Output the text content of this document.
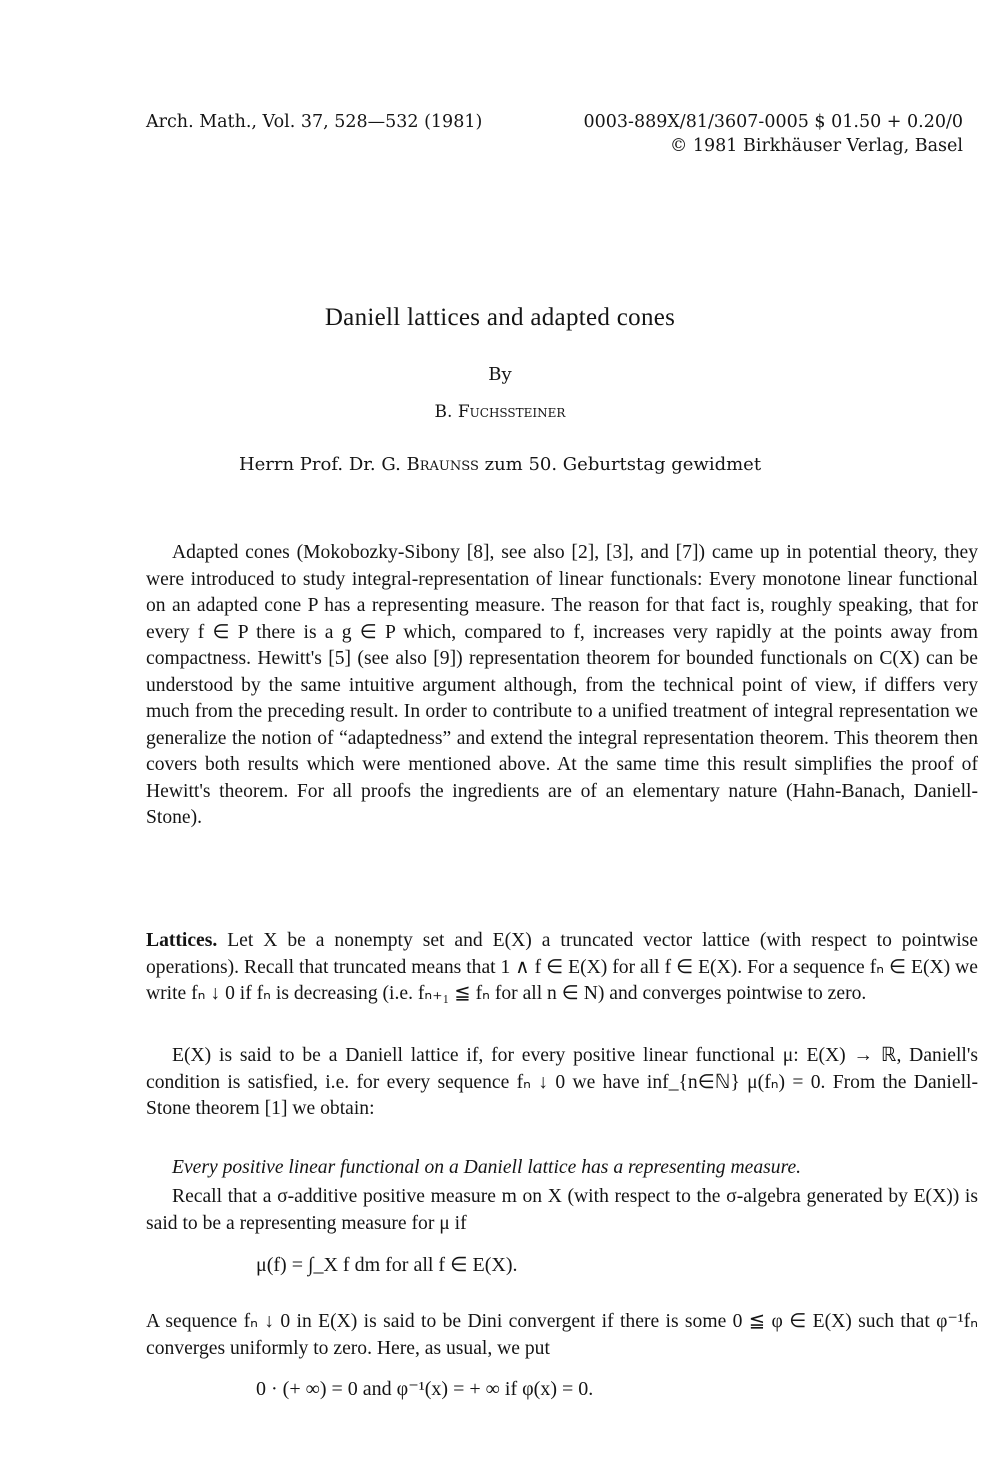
Arch. Math., Vol. 37, 528—532 (1981)	0003-889X/81/3607-0005 $ 01.50 + 0.20/0
© 1981 Birkhäuser Verlag, Basel
Daniell lattices and adapted cones
By
B. Fuchssteiner
Herrn Prof. Dr. G. Braunss zum 50. Geburtstag gewidmet
Adapted cones (Mokobozky-Sibony [8], see also [2], [3], and [7]) came up in potential theory, they were introduced to study integral-representation of linear functionals: Every monotone linear functional on an adapted cone P has a representing measure. The reason for that fact is, roughly speaking, that for every f ∈ P there is a g ∈ P which, compared to f, increases very rapidly at the points away from compactness. Hewitt's [5] (see also [9]) representation theorem for bounded functionals on C(X) can be understood by the same intuitive argument although, from the technical point of view, if differs very much from the preceding result. In order to contribute to a unified treatment of integral representation we generalize the notion of “adaptedness” and extend the integral representation theorem. This theorem then covers both results which were mentioned above. At the same time this result simplifies the proof of Hewitt's theorem. For all proofs the ingredients are of an elementary nature (Hahn-Banach, Daniell-Stone).
Lattices. Let X be a nonempty set and E(X) a truncated vector lattice (with respect to pointwise operations). Recall that truncated means that 1 ∧ f ∈ E(X) for all f ∈ E(X). For a sequence fₙ ∈ E(X) we write fₙ ↓ 0 if fₙ is decreasing (i.e. fₙ₊₁ ≦ fₙ for all n ∈ N) and converges pointwise to zero.
E(X) is said to be a Daniell lattice if, for every positive linear functional μ: E(X) → ℝ, Daniell's condition is satisfied, i.e. for every sequence fₙ ↓ 0 we have inf_{n∈ℕ} μ(fₙ) = 0. From the Daniell-Stone theorem [1] we obtain:
Every positive linear functional on a Daniell lattice has a representing measure.
Recall that a σ-additive positive measure m on X (with respect to the σ-algebra generated by E(X)) is said to be a representing measure for μ if
μ(f) = ∫_X f dm for all f ∈ E(X).
A sequence fₙ ↓ 0 in E(X) is said to be Dini convergent if there is some 0 ≦ φ ∈ E(X) such that φ⁻¹fₙ converges uniformly to zero. Here, as usual, we put
0 · (+ ∞) = 0 and φ⁻¹(x) = + ∞ if φ(x) = 0.
